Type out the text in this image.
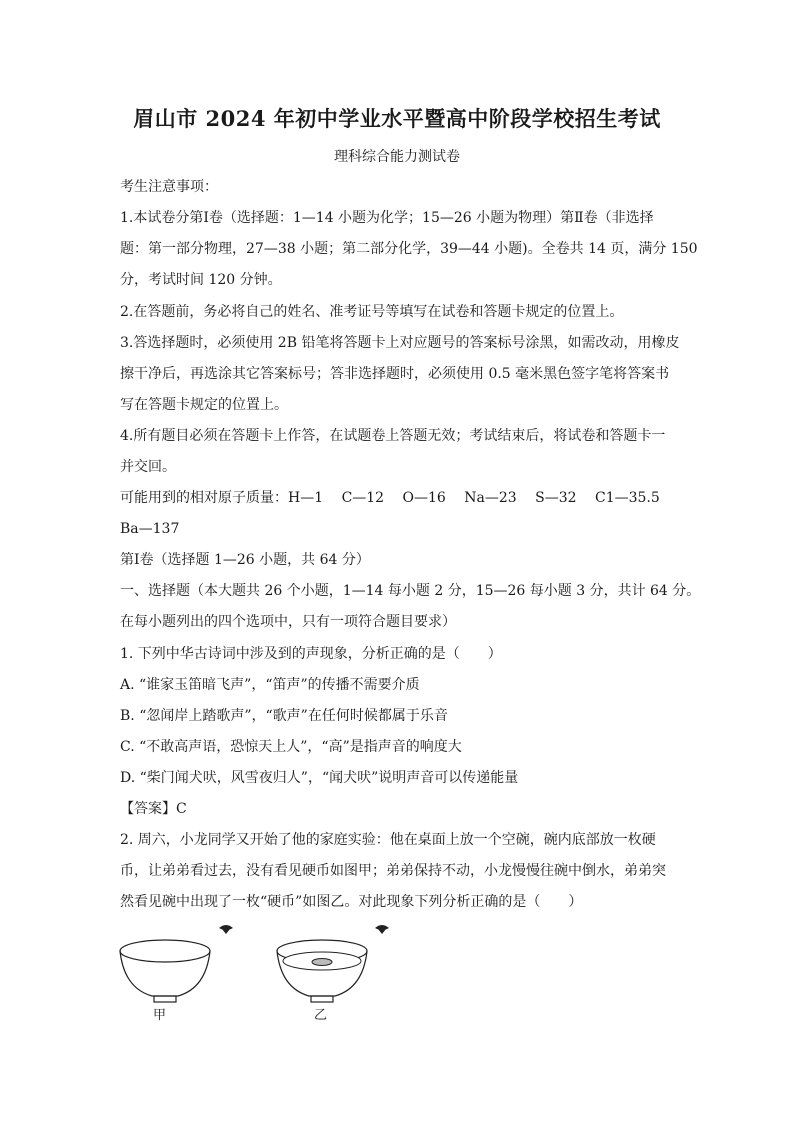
眉山市 2024 年初中学业水平暨高中阶段学校招生考试
理科综合能力测试卷
考生注意事项：
1.本试卷分第Ⅰ卷（选择题：1—14 小题为化学；15—26 小题为物理）第Ⅱ卷（非选择
题：第一部分物理，27—38 小题；第二部分化学，39—44 小题)。全卷共 14 页，满分 150
分，考试时间 120 分钟。
2.在答题前，务必将自己的姓名、准考证号等填写在试卷和答题卡规定的位置上。
3.答选择题时，必须使用 2B 铅笔将答题卡上对应题号的答案标号涂黑，如需改动，用橡皮
擦干净后，再选涂其它答案标号；答非选择题时，必须使用 0.5 毫米黑色签字笔将答案书
写在答题卡规定的位置上。
4.所有题目必须在答题卡上作答，在试题卷上答题无效；考试结束后，将试卷和答题卡一
并交回。
可能用到的相对原子质量：H—1　 C—12　 O—16　 Na—23　 S—32　 C1—35.5
Ba—137
第Ⅰ卷（选择题 1—26 小题，共 64 分）
一、选择题（本大题共 26 个小题，1—14 每小题 2 分，15—26 每小题 3 分，共计 64 分。
在每小题列出的四个选项中，只有一项符合题目要求）
1. 下列中华古诗词中涉及到的声现象，分析正确的是（　　）
A. “谁家玉笛暗飞声”，“笛声”的传播不需要介质
B. “忽闻岸上踏歌声”，“歌声”在任何时候都属于乐音
C. “不敢高声语，恐惊天上人”，“高”是指声音的响度大
D. “柴门闻犬吠，风雪夜归人”，“闻犬吠”说明声音可以传递能量
【答案】C
2. 周六，小龙同学又开始了他的家庭实验：他在桌面上放一个空碗，碗内底部放一枚硬
币，让弟弟看过去，没有看见硬币如图甲；弟弟保持不动，小龙慢慢往碗中倒水，弟弟突
然看见碗中出现了一枚“硬币”如图乙。对此现象下列分析正确的是（　　）
甲	乙
